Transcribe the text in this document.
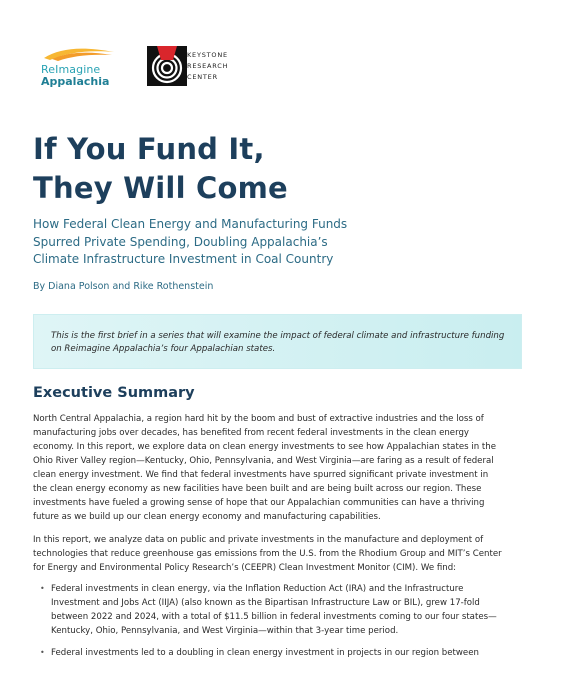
ReImagine
Appalachia
KEYSTONE
RESEARCH
CENTER
If You Fund It,
They Will Come
How Federal Clean Energy and Manufacturing Funds
Spurred Private Spending, Doubling Appalachia’s
Climate Infrastructure Investment in Coal Country
By Diana Polson and Rike Rothenstein
This is the first brief in a series that will examine the impact of federal climate and infrastructure funding on Reimagine Appalachia’s four Appalachian states.
Executive Summary

North Central Appalachia, a region hard hit by the boom and bust of extractive industries and the loss of manufacturing jobs over decades, has benefited from recent federal investments in the clean energy economy. In this report, we explore data on clean energy investments to see how Appalachian states in the Ohio River Valley region—Kentucky, Ohio, Pennsylvania, and West Virginia—are faring as a result of federal clean energy investment. We find that federal investments have spurred significant private investment in the clean energy economy as new facilities have been built and are being built across our region. These investments have fueled a growing sense of hope that our Appalachian communities can have a thriving future as we build up our clean energy economy and manufacturing capabilities.

In this report, we analyze data on public and private investments in the manufacture and deployment of technologies that reduce greenhouse gas emissions from the U.S. from the Rhodium Group and MIT’s Center for Energy and Environmental Policy Research’s (CEEPR) Clean Investment Monitor (CIM). We find:

• Federal investments in clean energy, via the Inflation Reduction Act (IRA) and the Infrastructure Investment and Jobs Act (IIJA) (also known as the Bipartisan Infrastructure Law or BIL), grew 17-fold between 2022 and 2024, with a total of $11.5 billion in federal investments coming to our four states—Kentucky, Ohio, Pennsylvania, and West Virginia—within that 3-year time period.
• Federal investments led to a doubling in clean energy investment in projects in our region between
